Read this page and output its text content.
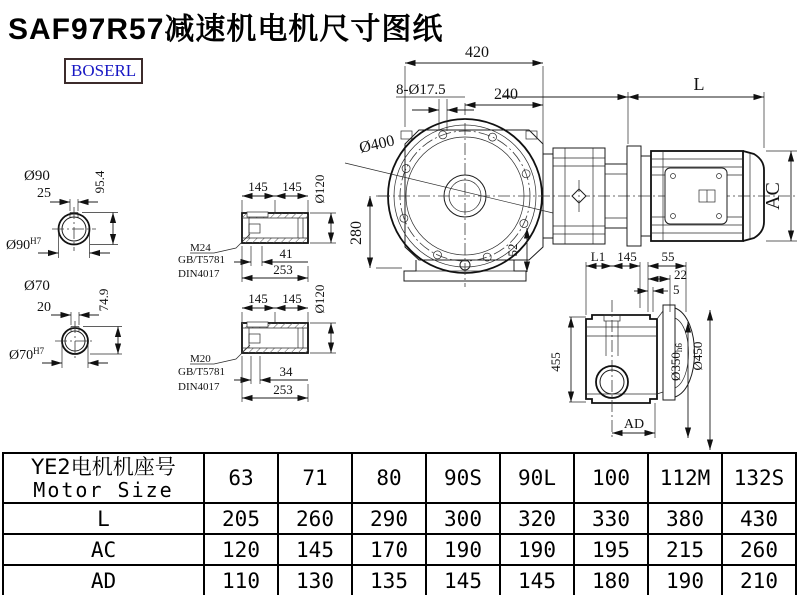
SAF97R57减速机电机尺寸图纸
BOSERL
Ø400
420
240
8-Ø17.5
280
52
L
AC
L1 145 55
22
5
455	Ø350h6 Ø450
AD
Ø90
25
95.4
$Ø90^{H7}$
Ø70
20	74.9
$Ø70^{H7}$
145 145 Ø120
M24
GB/T5781
DIN4017
41
253
145 145 Ø120
M20
GB/T5781
DIN4017
34
253
YE2电机机座号
Motor Size	63	71	80	90S	90L	100	112M	132S
L	205	260	290	300	320	330	380	430
AC	120	145	170	190	190	195	215	260
AD	110	130	135	145	145	180	190	210
